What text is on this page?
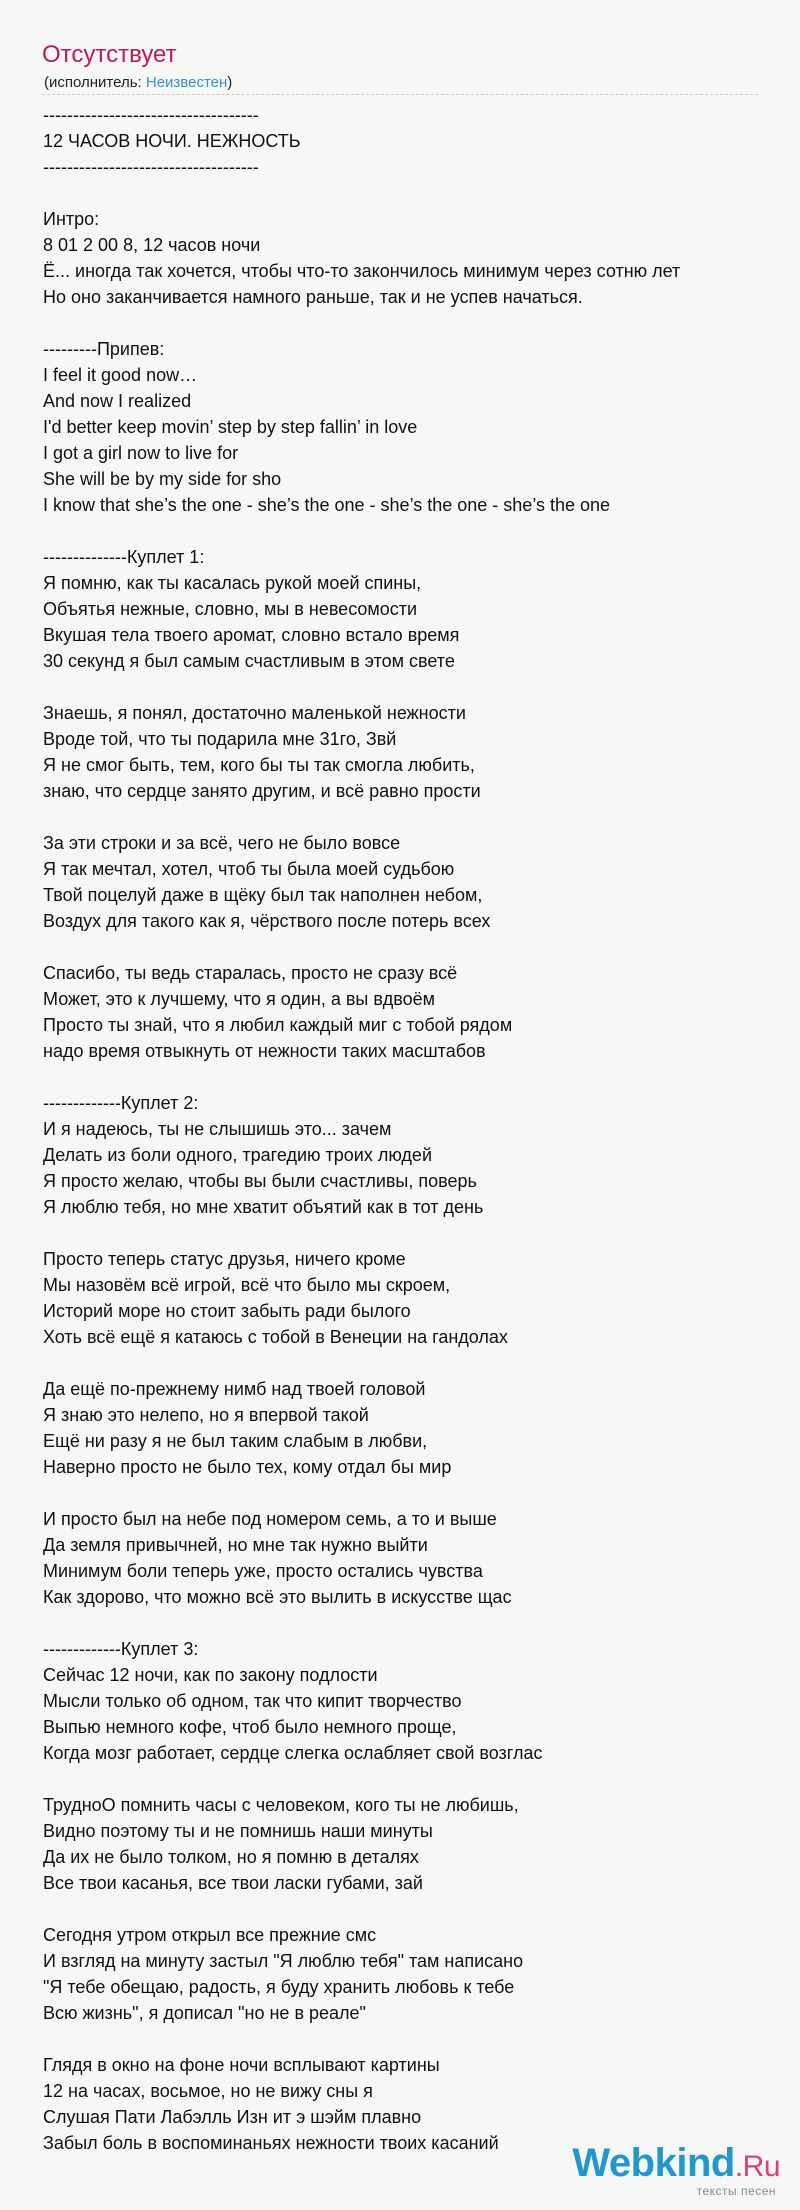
Отсутствует
(исполнитель: Неизвестен)
------------------------------------
12 ЧАСОВ НОЧИ. НЕЖНОСТЬ
------------------------------------
Интро:
8 01 2 00 8, 12 часов ночи
Ё... иногда так хочется, чтобы что-то закончилось минимум через сотню лет
Но оно заканчивается намного раньше, так и не успев начаться.
---------Припев:
I feel it good now…
And now I realized
I'd better keep movin’ step by step fallin’ in love
I got a girl now to live for
She will be by my side for sho
I know that she’s the one - she’s the one - she’s the one - she’s the one
--------------Куплет 1:
Я помню, как ты касалась рукой моей спины,
Объятья нежные, словно, мы в невесомости
Вкушая тела твоего аромат, словно встало время
30 секунд я был самым счастливым в этом свете
Знаешь, я понял, достаточно маленькой нежности
Вроде той, что ты подарила мне 31го, Звй
Я не смог быть, тем, кого бы ты так смогла любить,
знаю, что сердце занято другим, и всё равно прости
За эти строки и за всё, чего не было вовсе
Я так мечтал, хотел, чтоб ты была моей судьбою
Твой поцелуй даже в щёку был так наполнен небом,
Воздух для такого как я, чёрствого после потерь всех
Спасибо, ты ведь старалась, просто не сразу всё
Может, это к лучшему, что я один, а вы вдвоём
Просто ты знай, что я любил каждый миг с тобой рядом
надо время отвыкнуть от нежности таких масштабов
-------------Куплет 2:
И я надеюсь, ты не слышишь это... зачем
Делать из боли одного, трагедию троих людей
Я просто желаю, чтобы вы были счастливы, поверь
Я люблю тебя, но мне хватит объятий как в тот день
Просто теперь статус друзья, ничего кроме
Мы назовём всё игрой, всё что было мы скроем,
Историй море но стоит забыть ради былого
Хоть всё ещё я катаюсь с тобой в Венеции на гандолах
Да ещё по-прежнему нимб над твоей головой
Я знаю это нелепо, но я впервой такой
Ещё ни разу я не был таким слабым в любви,
Наверно просто не было тех, кому отдал бы мир
И просто был на небе под номером семь, а то и выше
Да земля привычней, но мне так нужно выйти
Минимум боли теперь уже, просто остались чувства
Как здорово, что можно всё это вылить в искусстве щас
-------------Куплет 3:
Сейчас 12 ночи, как по закону подлости
Мысли только об одном, так что кипит творчество
Выпью немного кофе, чтоб было немного проще,
Когда мозг работает, сердце слегка ослабляет свой возглас
ТрудноО помнить часы с человеком, кого ты не любишь,
Видно поэтому ты и не помнишь наши минуты
Да их не было толком, но я помню в деталях
Все твои касанья, все твои ласки губами, зай
Сегодня утром открыл все прежние смс
И взгляд на минуту застыл "Я люблю тебя" там написано
"Я тебе обещаю, радость, я буду хранить любовь к тебе
Всю жизнь", я дописал "но не в реале"
Глядя в окно на фоне ночи всплывают картины
12 на часах, восьмое, но не вижу сны я
Слушая Пати Лабэлль Изн ит э шэйм плавно
Забыл боль в воспоминаньях нежности твоих касаний	Webkind.Ru
тексты песен
